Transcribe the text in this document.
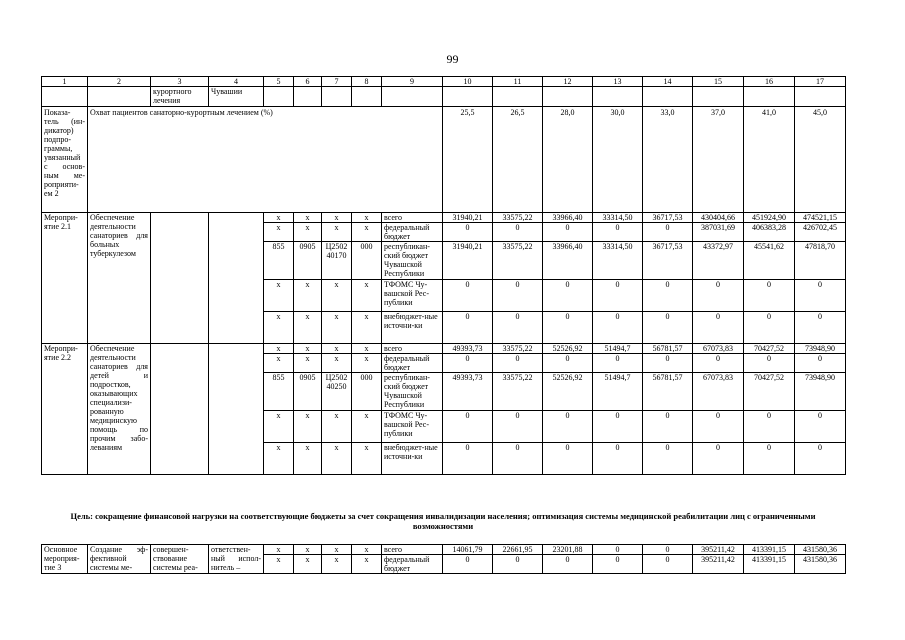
99
1	2	3	4	5	6	7	8	9	10	11	12	13	14	15	16	17
		курортного лечения	Чувашии													
Показа-тель (ин-дикатор) подпро-граммы, увязанный с основ-ным ме-роприяти-ем 2	Охват пациентов санаторно-курортным лечением (%)								25,5	26,5	28,0	30,0	33,0	37,0	41,0	45,0
Меропри-ятие 2.1	Обеспечение деятельности санаториев для больных туберкулезом			х	х	х	х	всего	31940,21	33575,22	33966,40	33314,50	36717,53	430404,66	451924,90	474521,15
				х	х	х	х	федеральный бюджет	0	0	0	0	0	387031,69	406383,28	426702,45
				855	0905	Ц2502 40170	000	республикан-ский бюджет Чувашской Республики	31940,21	33575,22	33966,40	33314,50	36717,53	43372,97	45541,62	47818,70
				х	х	х	х	ТФОМС Чу-вашской Рес-публики	0	0	0	0	0	0	0	0
				х	х	х	х	внебюджет-ные источни-ки	0	0	0	0	0	0	0	0
Меропри-ятие 2.2	Обеспечение деятельности санаториев для детей и подростков, оказывающих специализи-рованную медицинскую помощь по прочим забо-леваниям			х	х	х	х	всего	49393,73	33575,22	52526,92	51494,7	56781,57	67073,83	70427,52	73948,90
				х	х	х	х	федеральный бюджет	0	0	0	0	0	0	0	0
				855	0905	Ц2502 40250	000	республикан-ский бюджет Чувашской Республики	49393,73	33575,22	52526,92	51494,7	56781,57	67073,83	70427,52	73948,90
				х	х	х	х	ТФОМС Чу-вашской Рес-публики	0	0	0	0	0	0	0	0
				х	х	х	х	внебюджет-ные источни-ки	0	0	0	0	0	0	0	0
Цель: сокращение финансовой нагрузки на соответствующие бюджеты за счет сокращения инвалидизации населения; оптимизация системы медицинской реабилитации лиц с ограниченными возможностями
Основное мероприя-тие 3	Создание эф-фективной системы ме-	совершен-ствование системы реа-	ответствен-ный испол-нитель –	х	х	х	х	всего	14061,79	22661,95	23201,88	0	0	395211,42	413391,15	431580,36
				х	х	х	х	федеральный бюджет	0	0	0	0	0	395211,42	413391,15	431580,36
